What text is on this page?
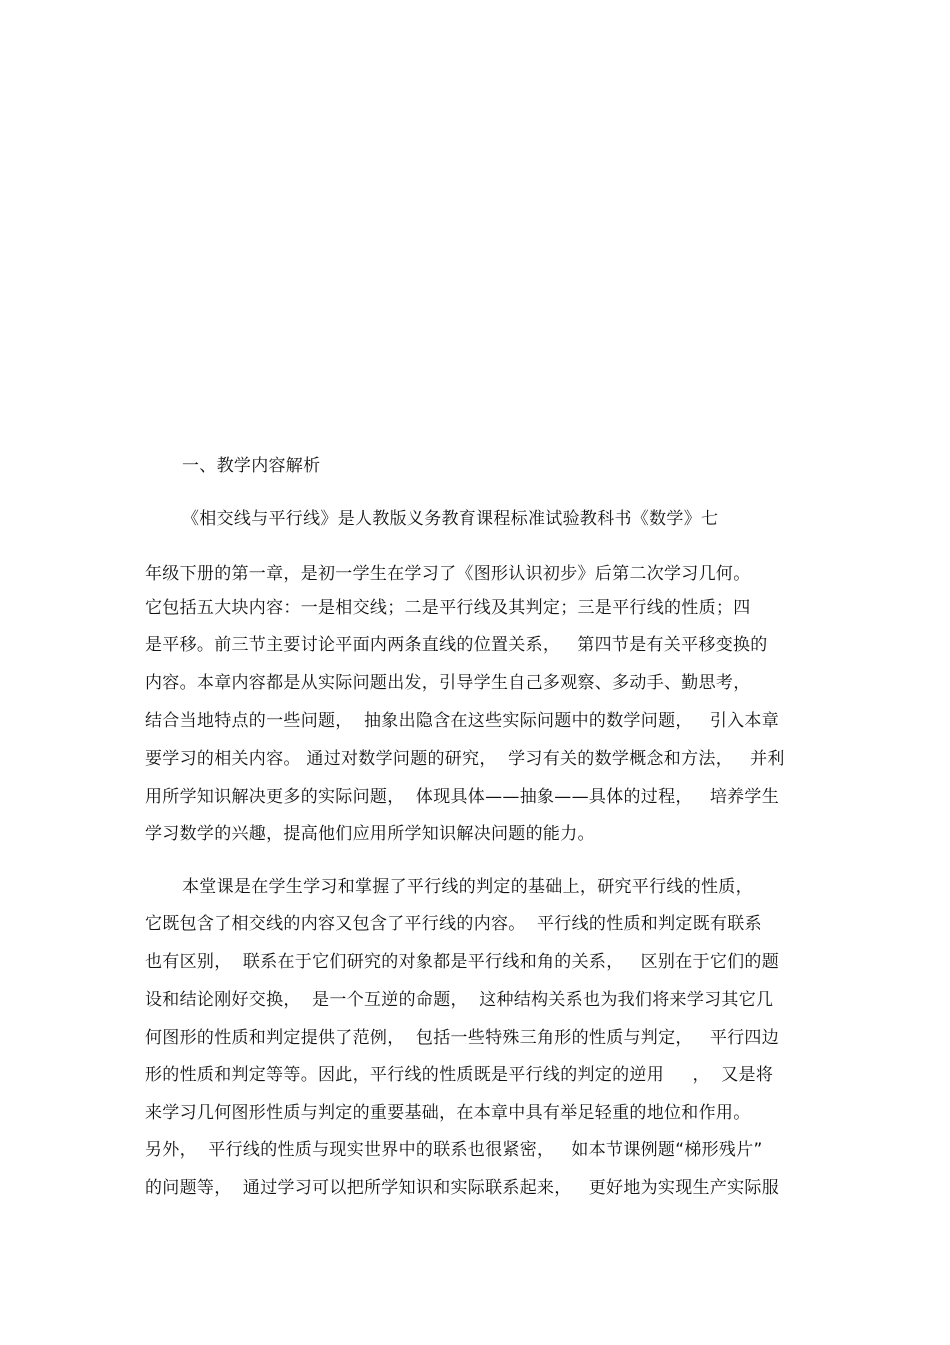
一、教学内容解析
《相交线与平行线》是人教版义务教育课程标准试验教科书《数学》七
年级下册的第一章，是初一学生在学习了《图形认识初步》后第二次学习几何。
它包括五大块内容：一是相交线；二是平行线及其判定；三是平行线的性质；四
是平移。前三节主要讨论平面内两条直线的位置关系，   第四节是有关平移变换的
内容。本章内容都是从实际问题出发，引导学生自己多观察、多动手、勤思考，
结合当地特点的一些问题，  抽象出隐含在这些实际问题中的数学问题，   引入本章
要学习的相关内容。 通过对数学问题的研究，  学习有关的数学概念和方法，   并利
用所学知识解决更多的实际问题，  体现具体——抽象——具体的过程，   培养学生
学习数学的兴趣，提高他们应用所学知识解决问题的能力。
本堂课是在学生学习和掌握了平行线的判定的基础上，研究平行线的性质，
它既包含了相交线的内容又包含了平行线的内容。  平行线的性质和判定既有联系
也有区别，  联系在于它们研究的对象都是平行线和角的关系，   区别在于它们的题
设和结论刚好交换，  是一个互逆的命题，  这种结构关系也为我们将来学习其它几
何图形的性质和判定提供了范例，  包括一些特殊三角形的性质与判定，   平行四边
形的性质和判定等等。因此，平行线的性质既是平行线的判定的逆用     ，  又是将
来学习几何图形性质与判定的重要基础，在本章中具有举足轻重的地位和作用。
另外，  平行线的性质与现实世界中的联系也很紧密，   如本节课例题“梯形残片”
的问题等，  通过学习可以把所学知识和实际联系起来，   更好地为实现生产实际服
